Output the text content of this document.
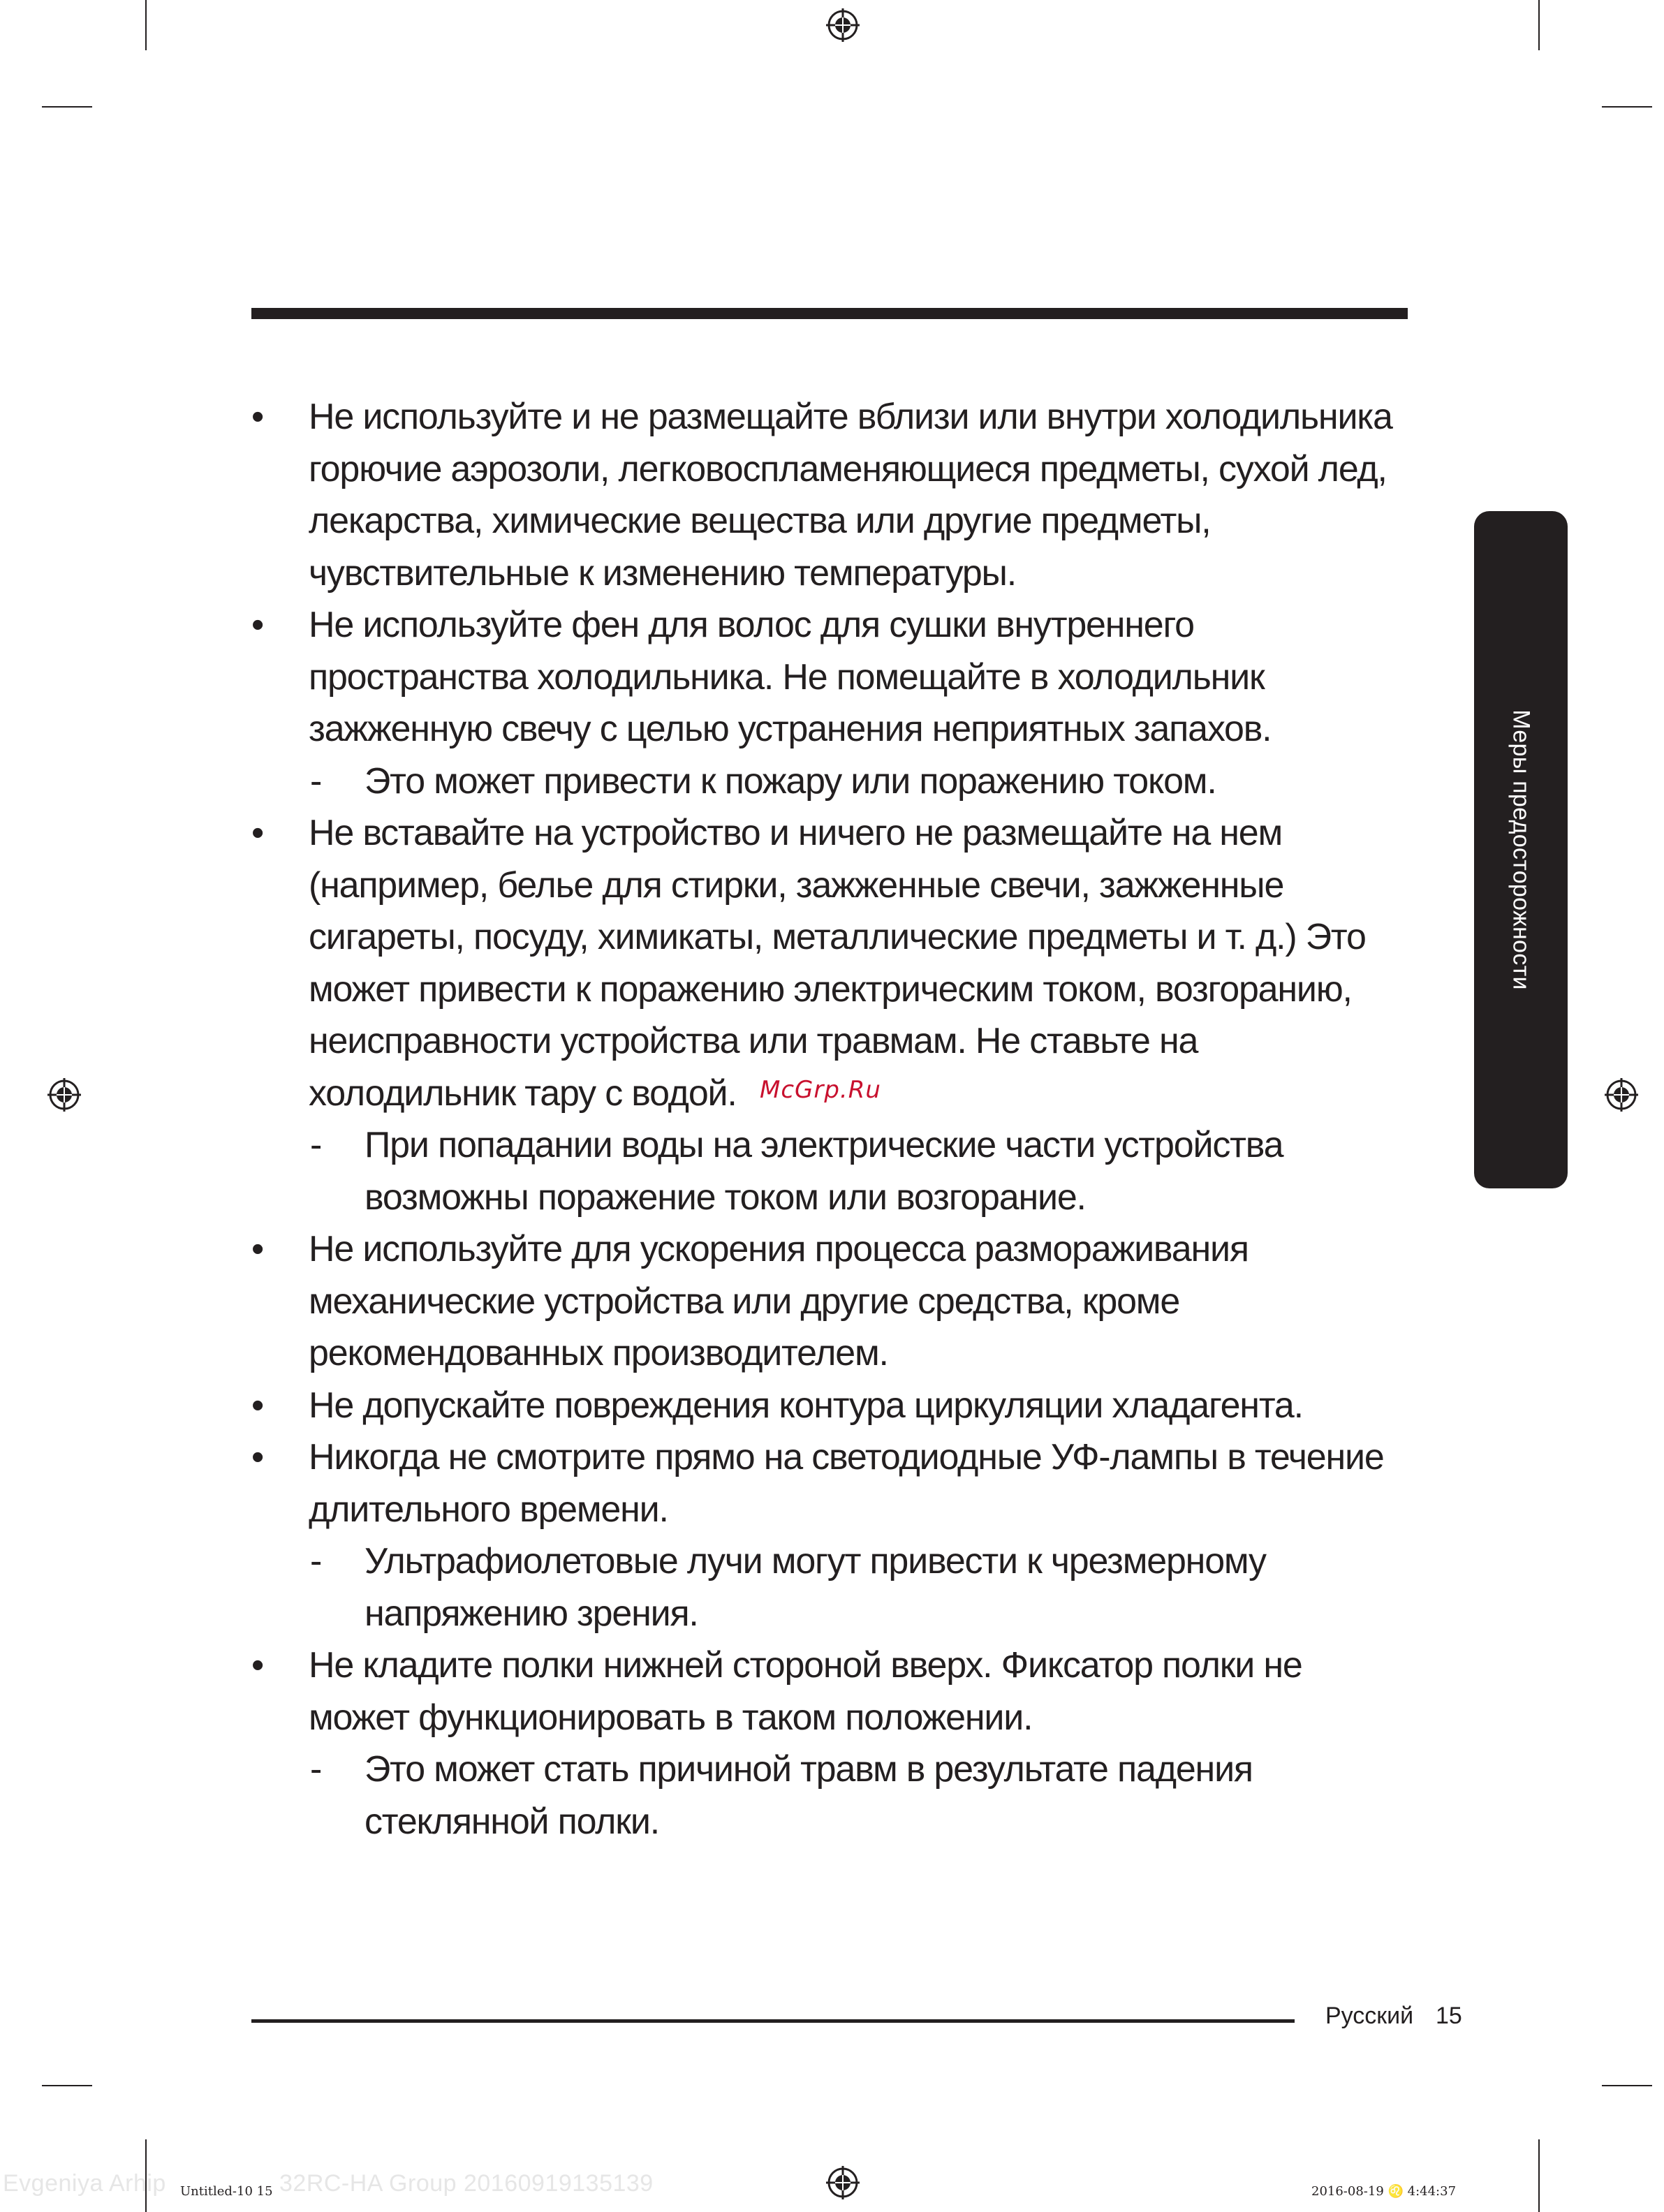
Меры предосторожности
•	Не используйте и не размещайте вблизи или внутри холодильника горючие аэрозоли, легковоспламеняющиеся предметы, сухой лед, лекарства, химические вещества или другие предметы, чувствительные к изменению температуры.
•	Не используйте фен для волос для сушки внутреннего пространства холодильника. Не помещайте в холодильник зажженную свечу с целью устранения неприятных запахов.
- Это может привести к пожару или поражению током.
•	Не вставайте на устройство и ничего не размещайте на нем (например, белье для стирки, зажженные свечи, зажженные сигареты, посуду, химикаты, металлические предметы и т. д.) Это может привести к поражению электрическим током, возгоранию, неисправности устройства или травмам. Не ставьте на холодильник тару с водой.
- При попадании воды на электрические части устройства возможны поражение током или возгорание.
•	Не используйте для ускорения процесса размораживания механические устройства или другие средства, кроме рекомендованных производителем.
•	Не допускайте повреждения контура циркуляции хладагента.
•	Никогда не смотрите прямо на светодиодные УФ-лампы в течение длительного времени.
- Ультрафиолетовые лучи могут привести к чрезмерному напряжению зрения.
•	Не кладите полки нижней стороной вверх. Фиксатор полки не может функционировать в таком положении.
- Это может стать причиной травм в результате падения стеклянной полки.
McGrp.Ru
Русский 15
Evgeniya Arhip Untitled-10 15 32RC-HA Group 20160919135139	2016-08-19 ♌ 4:44:37
